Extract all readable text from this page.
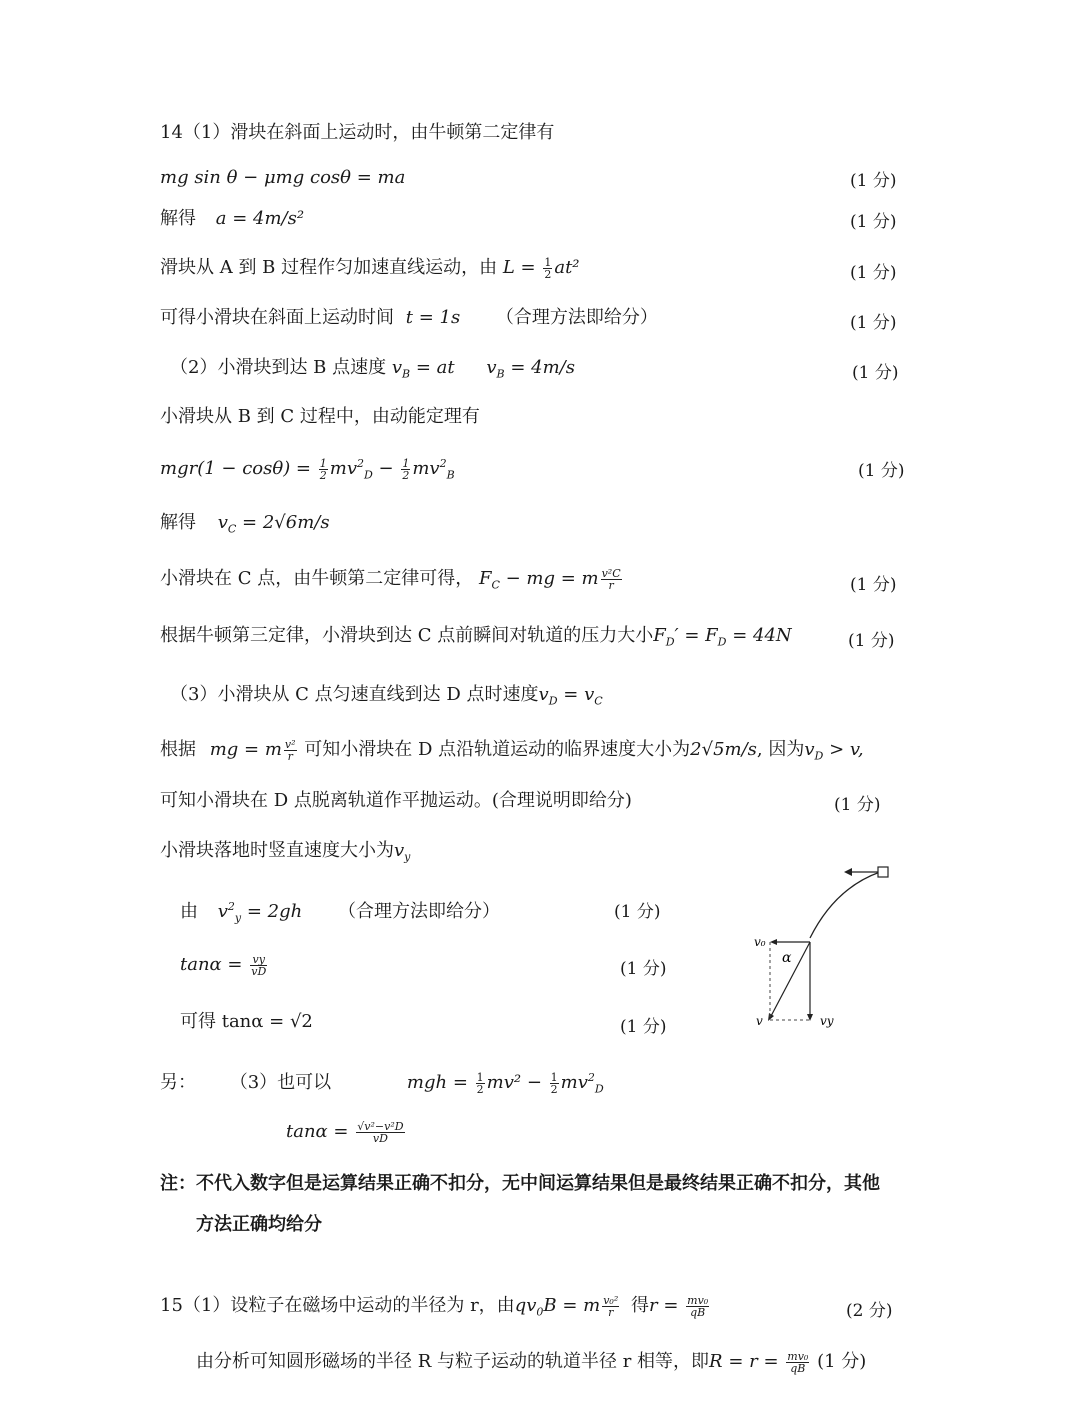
14（1）滑块在斜面上运动时，由牛顿第二定律有
mg sin θ − μmg cosθ = ma	(1 分)
解得 a = 4m/s²	(1 分)
滑块从 A 到 B 过程作匀加速直线运动，由 $L = \frac{1}{2} at^2$	(1 分)
可得小滑块在斜面上运动时间 t = 1s （合理方法即给分）	(1 分)
（2）小滑块到达 B 点速度 $v_B$ = at $v_B = 4m/s$	(1 分)
小滑块从 B 到 C 过程中，由动能定理有
$mgr(1 - \cos\theta) = \frac{1}{2} mv^2_D - \frac{1}{2} mv^2_B$	(1 分)
解得 $v_C = 2√6m/s$
小滑块在 C 点，由牛顿第二定律可得， $F_C$ − mg = m $\frac{\text{v²C}}{r}$	(1 分)
根据牛顿第三定律，小滑块到达 C 点前瞬间对轨道的压力大小$F_D' = F_D = 44N$	(1 分)
（3）小滑块从 C 点匀速直线到达 D 点时速度$v_D = v_C$
根据 mg = m $\frac{\text{v²}}{r}$ 可知小滑块在 D 点沿轨道运动的临界速度大小为2√5m/s, 因为$v_D > v$,
可知小滑块在 D 点脱离轨道作平抛运动。(合理说明即给分)	(1 分)
小滑块落地时竖直速度大小为$v_y$
由 $v^2_y = 2gh$ （合理方法即给分）	(1 分)
$\tan\alpha = \frac{vy}{vD}$	(1 分)
可得 tanα = √2	(1 分)
v₀
α
v	vy
另： （3）也可以	mgh = $\frac{1}{2} mv^2 - \frac{1}{2} mv^2_D$
$\tan\alpha = \frac{\text{√v²−v²D}}{vD}$
注：不代入数字但是运算结果正确不扣分，无中间运算结果但是最终结果正确不扣分，其他
方法正确均给分
15（1）设粒子在磁场中运动的半径为 r，由$qv_0B = m \frac{\text{v₀²}}{r}$ 得$r = \frac{\text{mv₀}}{qB}$	(2 分)
由分析可知圆形磁场的半径 R 与粒子运动的轨道半径 r 相等，即$R = r = \frac{\text{mv₀}}{qB} (1$ 分)
